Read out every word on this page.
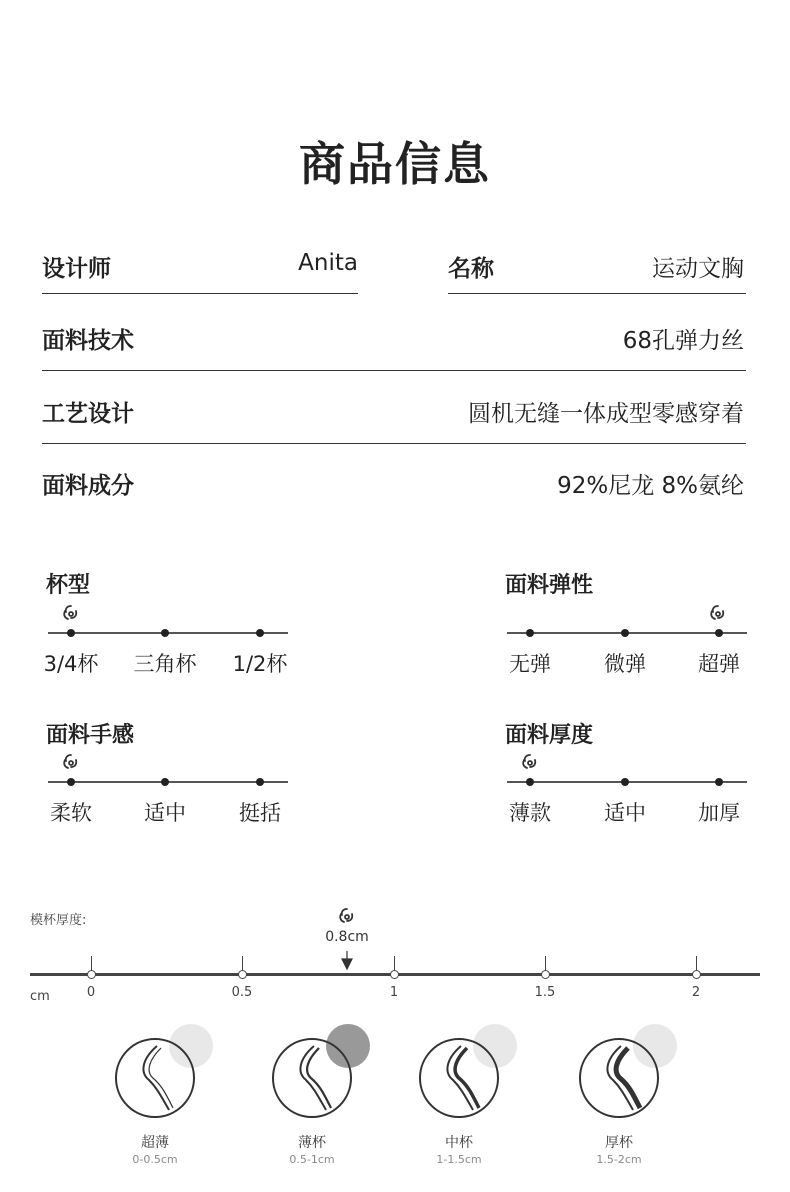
商品信息
设计师	Anita	名称	运动文胸
面料技术	68孔弹力丝
工艺设计	圆机无缝一体成型零感穿着
面料成分	92%尼龙 8%氨纶
杯型
3/4杯	三角杯	1/2杯
面料弹性
无弹	微弹	超弹
面料手感
柔软	适中	挺括
面料厚度
薄款	适中	加厚
模杯厚度:
0.8cm
cm	0	0.5	1	1.5	2
超薄
0-0.5cm
薄杯
0.5-1cm
中杯
1-1.5cm
厚杯
1.5-2cm
